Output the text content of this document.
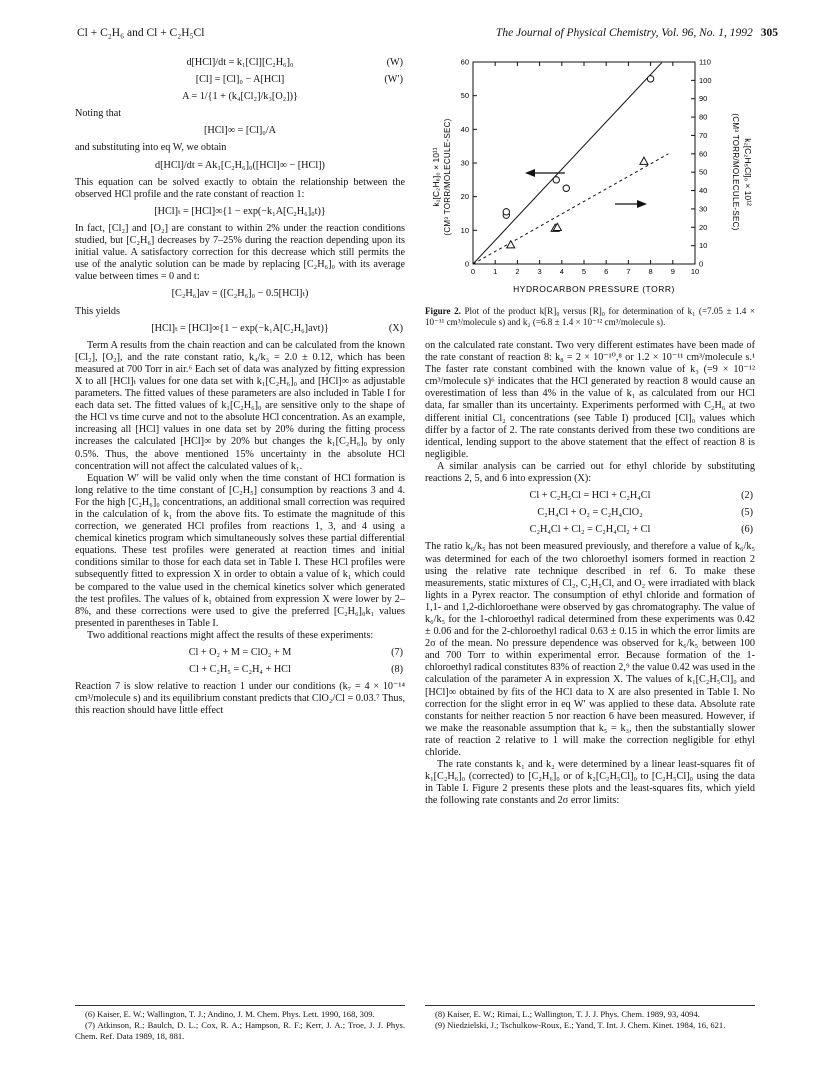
Cl + C₂H₆ and Cl + C₂H₅Cl	The Journal of Physical Chemistry, Vol. 96, No. 1, 1992 305
d[HCl]/dt = k₁[Cl][C₂H₆]₀	(W)
[Cl] = [Cl]₀ − A[HCl]	(W′)
A = 1/{1 + (k₄[Cl₂]/k₃[O₂])}

Noting that

[HCl]∞ = [Cl]₀/A

and substituting into eq W, we obtain

d[HCl]/dt = Ak₁[C₂H₆]₀([HCl]∞ − [HCl])

This equation can be solved exactly to obtain the relationship between the observed HCl profile and the rate constant of reaction 1:

[HCl]ₜ = [HCl]∞{1 − exp(−k₁A[C₂H₆]₀t)}

In fact, [Cl₂] and [O₂] are constant to within 2% under the reaction conditions studied, but [C₂H₆] decreases by 7–25% during the reaction depending upon its initial value. A satisfactory correction for this decrease which still permits the use of the analytic solution can be made by replacing [C₂H₆]₀ with its average value between times = 0 and t:

[C₂H₆]av = ([C₂H₆]₀ − 0.5[HCl]ₜ)

This yields

[HCl]ₜ = [HCl]∞{1 − exp(−k₁A[C₂H₆]avt)}	(X)

Term A results from the chain reaction and can be calculated from the known [Cl₂], [O₂], and the rate constant ratio, k₄/k₃ = 2.0 ± 0.12, which has been measured at 700 Torr in air.⁶ Each set of data was analyzed by fitting expression X to all [HCl]ₜ values for one data set with k₁[C₂H₆]₀ and [HCl]∞ as adjustable parameters. The fitted values of these parameters are also included in Table I for each data set. The fitted values of k₁[C₂H₆]₀ are sensitive only to the shape of the HCl vs time curve and not to the absolute HCl concentration. As an example, increasing all [HCl] values in one data set by 20% during the fitting process increases the calculated [HCl]∞ by 20% but changes the k₁[C₂H₆]₀ by only 0.5%. Thus, the above mentioned 15% uncertainty in the absolute HCl concentration will not affect the calculated values of k₁.

Equation W′ will be valid only when the time constant of HCl formation is long relative to the time constant of [C₂H₅] consumption by reactions 3 and 4. For the high [C₂H₆]₀ concentrations, an additional small correction was required in the calculation of k₁ from the above fits. To estimate the magnitude of this correction, we generated HCl profiles from reactions 1, 3, and 4 using a chemical kinetics program which simultaneously solves these partial differential equations. These test profiles were generated at reaction times and initial conditions similar to those for each data set in Table I. These HCl profiles were subsequently fitted to expression X in order to obtain a value of k₁ which could be compared to the value used in the chemical kinetics solver which generated the test profiles. The values of k₁ obtained from expression X were lower by 2–8%, and these corrections were used to give the preferred [C₂H₆]₀k₁ values presented in parentheses in Table I.

Two additional reactions might affect the results of these experiments:

Cl + O₂ + M = ClO₂ + M	(7)
Cl + C₂H₅ = C₂H₄ + HCl	(8)

Reaction 7 is slow relative to reaction 1 under our conditions (k₇ = 4 × 10⁻¹⁴ cm³/molecule s) and its equilibrium constant predicts that ClO₂/Cl = 0.03.⁷ Thus, this reaction should have little effect

0 1 2 3 4 5 6 7 8 9 10
0
10
20
30
40
50
60
0
10
20
30
40
50
60
70
80
90
100
110
HYDROCARBON PRESSURE (TORR)
k₁[C₂H₆]₀ × 10¹¹ (CM³ TORR/MOLECULE-SEC)	(CM³ TORR/MOLECULE-SEC) k₂[C₂H₅Cl]₀ × 10¹²

Figure 2. Plot of the product k[R]₀ versus [R]₀ for determination of k₁ (=7.05 ± 1.4 × 10⁻¹¹ cm³/molecule s) and k₂ (=6.8 ± 1.4 × 10⁻¹² cm³/molecule s).

on the calculated rate constant. Two very different estimates have been made of the rate constant of reaction 8: k₈ = 2 × 10⁻¹⁰,⁸ or 1.2 × 10⁻¹¹ cm³/molecule s.¹ The faster rate constant combined with the known value of k₃ (=9 × 10⁻¹² cm³/molecule s)⁶ indicates that the HCl generated by reaction 8 would cause an overestimation of less than 4% in the value of k₁ as calculated from our HCl data, far smaller than its uncertainty. Experiments performed with C₂H₆ at two different initial Cl₂ concentrations (see Table I) produced [Cl]₀ values which differ by a factor of 2. The rate constants derived from these two conditions are identical, lending support to the above statement that the effect of reaction 8 is negligible.

A similar analysis can be carried out for ethyl chloride by substituting reactions 2, 5, and 6 into expression (X):

Cl + C₂H₅Cl = HCl + C₂H₄Cl	(2)
C₂H₄Cl + O₂ = C₂H₄ClO₂	(5)
C₂H₄Cl + Cl₂ = C₂H₄Cl₂ + Cl	(6)

The ratio k₆/k₅ has not been measured previously, and therefore a value of k₆/k₅ was determined for each of the two chloroethyl isomers formed in reaction 2 using the relative rate technique described in ref 6. To make these measurements, static mixtures of Cl₂, C₂H₅Cl, and O₂ were irradiated with black lights in a Pyrex reactor. The consumption of ethyl chloride and formation of 1,1- and 1,2-dichloroethane were observed by gas chromatography. The value of k₆/k₅ for the 1-chloroethyl radical determined from these experiments was 0.42 ± 0.06 and for the 2-chloroethyl radical 0.63 ± 0.15 in which the error limits are 2σ of the mean. No pressure dependence was observed for k₆/k₅ between 100 and 700 Torr to within experimental error. Because formation of the 1-chloroethyl radical constitutes 83% of reaction 2,⁹ the value 0.42 was used in the calculation of the parameter A in expression X. The values of k₁[C₂H₅Cl]₀ and [HCl]∞ obtained by fits of the HCl data to X are also presented in Table I. No correction for the slight error in eq W′ was applied to these data. Absolute rate constants for neither reaction 5 nor reaction 6 have been measured. However, if we make the reasonable assumption that k₅ = k₃, then the substantially slower rate of reaction 2 relative to 1 will make the correction negligible for ethyl chloride.

The rate constants k₁ and k₂ were determined by a linear least-squares fit of k₁[C₂H₆]₀ (corrected) to [C₂H₆]₀ or of k₂[C₂H₅Cl]₀ to [C₂H₅Cl]₀ using the data in Table I. Figure 2 presents these plots and the least-squares fits, which yield the following rate constants and 2σ error limits:

(6) Kaiser, E. W.; Wallington, T. J.; Andino, J. M. Chem. Phys. Lett. 1990, 168, 309.

(7) Atkinson, R.; Baulch, D. L.; Cox, R. A.; Hampson, R. F.; Kerr, J. A.; Troe, J. J. Phys. Chem. Ref. Data 1989, 18, 881.

(8) Kaiser, E. W.; Rimai, L.; Wallington, T. J. J. Phys. Chem. 1989, 93, 4094.

(9) Niedzielski, J.; Tschulkow-Roux, E.; Yand, T. Int. J. Chem. Kinet. 1984, 16, 621.
